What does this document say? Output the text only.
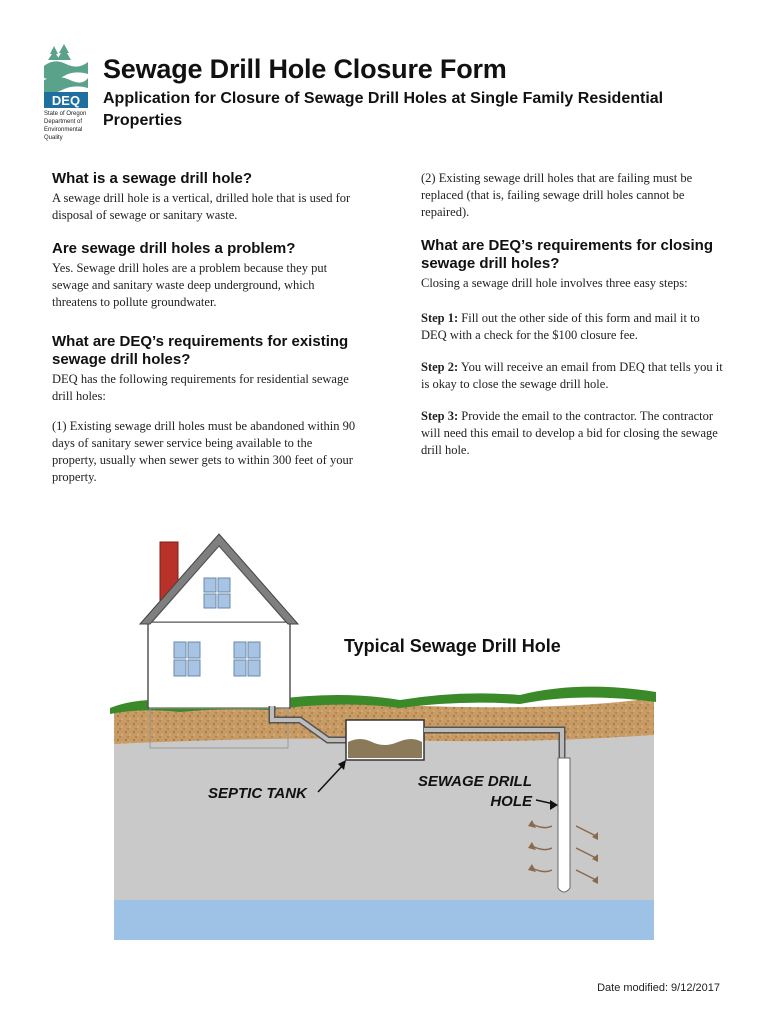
DEQ
State of Oregon Department of Environmental Quality
Sewage Drill Hole Closure Form

Application for Closure of Sewage Drill Holes at Single Family Residential Properties

What is a sewage drill hole?

A sewage drill hole is a vertical, drilled hole that is used for disposal of sewage or sanitary waste.

Are sewage drill holes a problem?

Yes. Sewage drill holes are a problem because they put sewage and sanitary waste deep underground, which threatens to pollute groundwater.

What are DEQ’s requirements for existing sewage drill holes?

DEQ has the following requirements for residential sewage drill holes:

(1) Existing sewage drill holes must be abandoned within 90 days of sanitary sewer service being available to the property, usually when sewer gets to within 300 feet of your property.

(2) Existing sewage drill holes that are failing must be replaced (that is, failing sewage drill holes cannot be repaired).

What are DEQ’s requirements for closing sewage drill holes?

Closing a sewage drill hole involves three easy steps:

Step 1: Fill out the other side of this form and mail it to DEQ with a check for the $100 closure fee.

Step 2: You will receive an email from DEQ that tells you it is okay to close the sewage drill hole.

Step 3: Provide the email to the contractor. The contractor will need this email to develop a bid for closing the sewage drill hole.

Typical Sewage Drill Hole
SEPTIC TANK
SEWAGE DRILL
HOLE
Date modified: 9/12/2017
